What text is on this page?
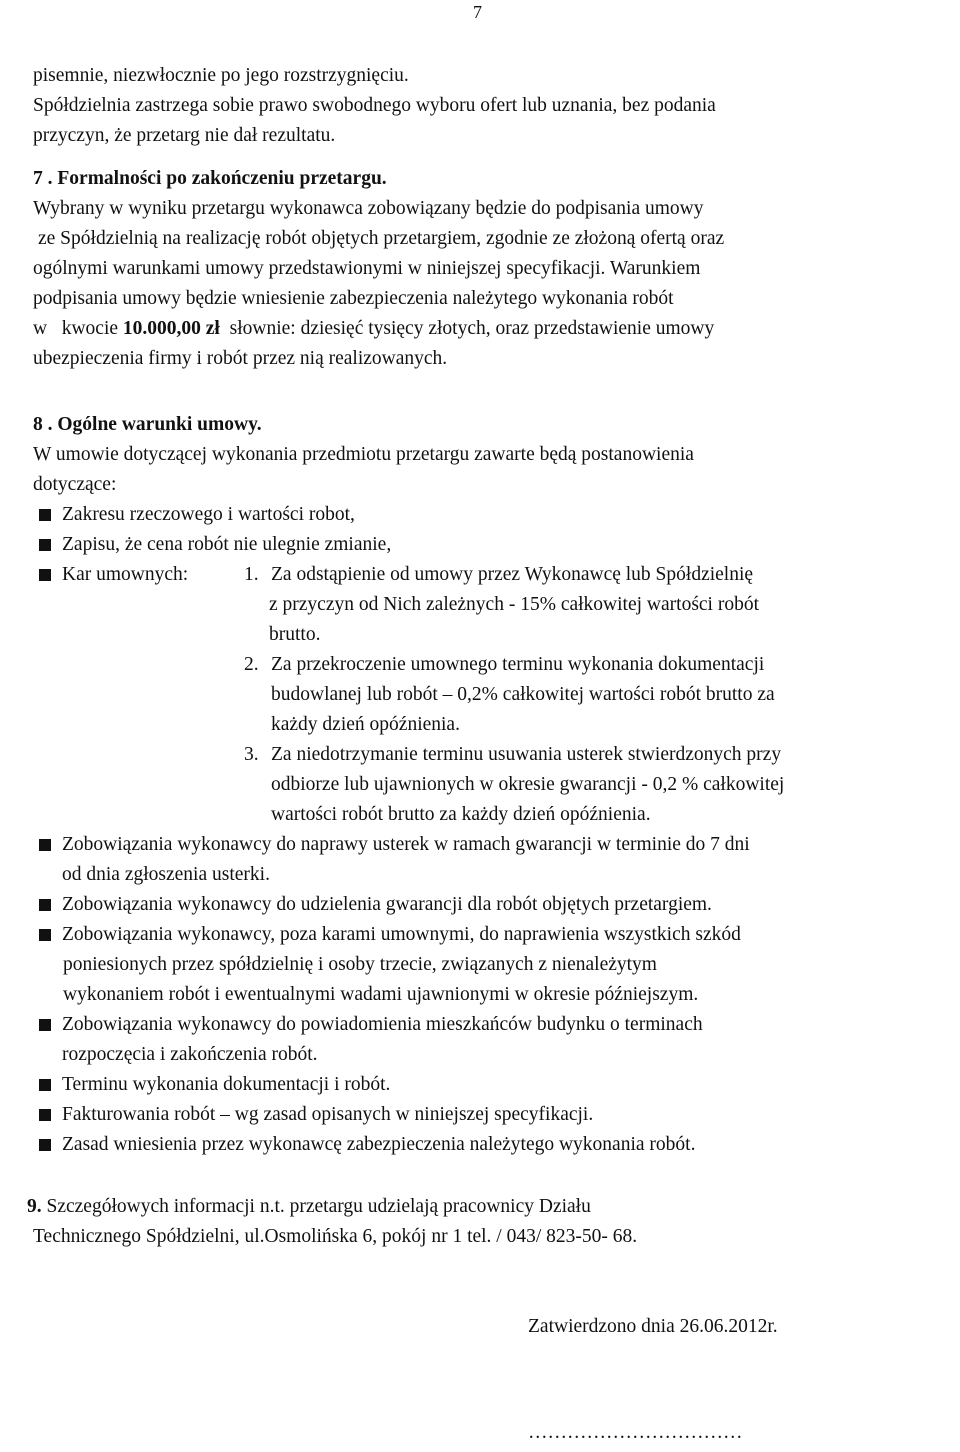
7
pisemnie, niezwłocznie po jego rozstrzygnięciu.
Spółdzielnia zastrzega sobie prawo swobodnego wyboru ofert lub uznania, bez podania
przyczyn, że przetarg nie dał rezultatu.
7 . Formalności po zakończeniu przetargu.
Wybrany w wyniku przetargu wykonawca zobowiązany będzie do podpisania umowy
ze Spółdzielnią na realizację robót objętych przetargiem, zgodnie ze złożoną ofertą oraz
ogólnymi warunkami umowy przedstawionymi w niniejszej specyfikacji. Warunkiem
podpisania umowy będzie wniesienie zabezpieczenia należytego wykonania robót
w   kwocie 10.000,00 zł  słownie: dziesięć tysięcy złotych, oraz przedstawienie umowy
ubezpieczenia firmy i robót przez nią realizowanych.
8 . Ogólne warunki umowy.
W umowie dotyczącej wykonania przedmiotu przetargu zawarte będą postanowienia
dotyczące:
Zakresu rzeczowego i wartości robot,
Zapisu, że cena robót nie ulegnie zmianie,
Kar umownych:	1. Za odstąpienie od umowy przez Wykonawcę lub Spółdzielnię
z przyczyn od Nich zależnych - 15% całkowitej wartości robót
brutto.
2. Za przekroczenie umownego terminu wykonania dokumentacji
budowlanej lub robót – 0,2% całkowitej wartości robót brutto za
każdy dzień opóźnienia.
3. Za niedotrzymanie terminu usuwania usterek stwierdzonych przy
odbiorze lub ujawnionych w okresie gwarancji - 0,2 % całkowitej
wartości robót brutto za każdy dzień opóźnienia.
Zobowiązania wykonawcy do naprawy usterek w ramach gwarancji w terminie do 7 dni
od dnia zgłoszenia usterki.
Zobowiązania wykonawcy do udzielenia gwarancji dla robót objętych przetargiem.
Zobowiązania wykonawcy, poza karami umownymi, do naprawienia wszystkich szkód
poniesionych przez spółdzielnię i osoby trzecie, związanych z nienależytym
wykonaniem robót i ewentualnymi wadami ujawnionymi w okresie późniejszym.
Zobowiązania wykonawcy do powiadomienia mieszkańców budynku o terminach
rozpoczęcia i zakończenia robót.
Terminu wykonania dokumentacji i robót.
Fakturowania robót – wg zasad opisanych w niniejszej specyfikacji.
Zasad wniesienia przez wykonawcę zabezpieczenia należytego wykonania robót.
9. Szczegółowych informacji n.t. przetargu udzielają pracownicy Działu
Technicznego Spółdzielni, ul.Osmolińska 6, pokój nr 1 tel. / 043/ 823-50- 68.
Zatwierdzono dnia 26.06.2012r.
……………………………
